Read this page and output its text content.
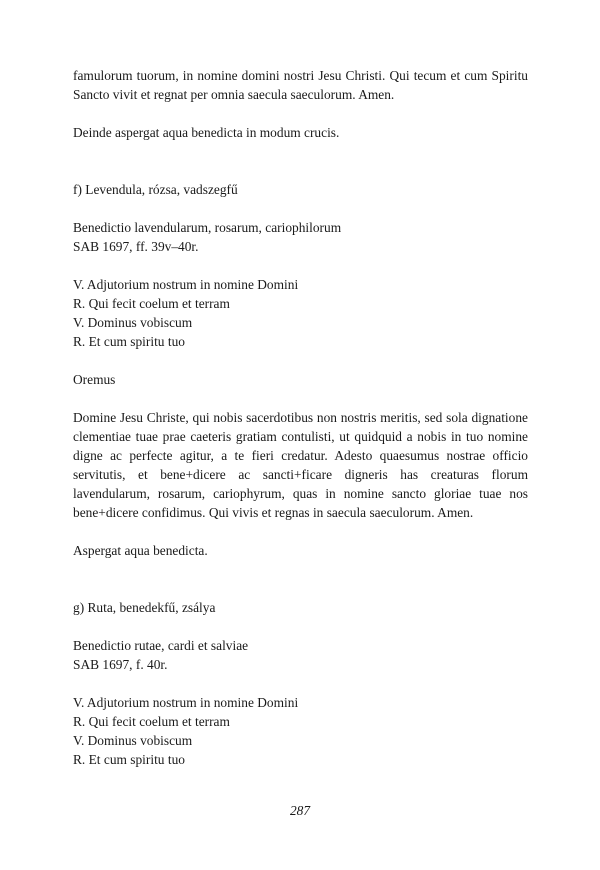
famulorum tuorum, in nomine domini nostri Jesu Christi. Qui tecum et cum Spiritu Sancto vivit et regnat per omnia saecula saeculorum. Amen.

Deinde aspergat aqua benedicta in modum crucis.

f) Levendula, rózsa, vadszegfű

Benedictio lavendularum, rosarum, cariophilorum
SAB 1697, ff. 39v–40r.
V. Adjutorium nostrum in nomine Domini
R. Qui fecit coelum et terram
V. Dominus vobiscum
R. Et cum spiritu tuo

Oremus

Domine Jesu Christe, qui nobis sacerdotibus non nostris meritis, sed sola dignatione clementiae tuae prae caeteris gratiam contulisti, ut quidquid a nobis in tuo nomine digne ac perfecte agitur, a te fieri credatur. Adesto quaesumus nostrae officio servitutis, et bene+dicere ac sancti+ficare digneris has creaturas florum lavendularum, rosarum, cariophyrum, quas in nomine sancto gloriae tuae nos bene+dicere confidimus. Qui vivis et regnas in saecula saeculorum. Amen.

Aspergat aqua benedicta.

g) Ruta, benedekfű, zsálya

Benedictio rutae, cardi et salviae
SAB 1697, f. 40r.
V. Adjutorium nostrum in nomine Domini
R. Qui fecit coelum et terram
V. Dominus vobiscum
R. Et cum spiritu tuo
287
